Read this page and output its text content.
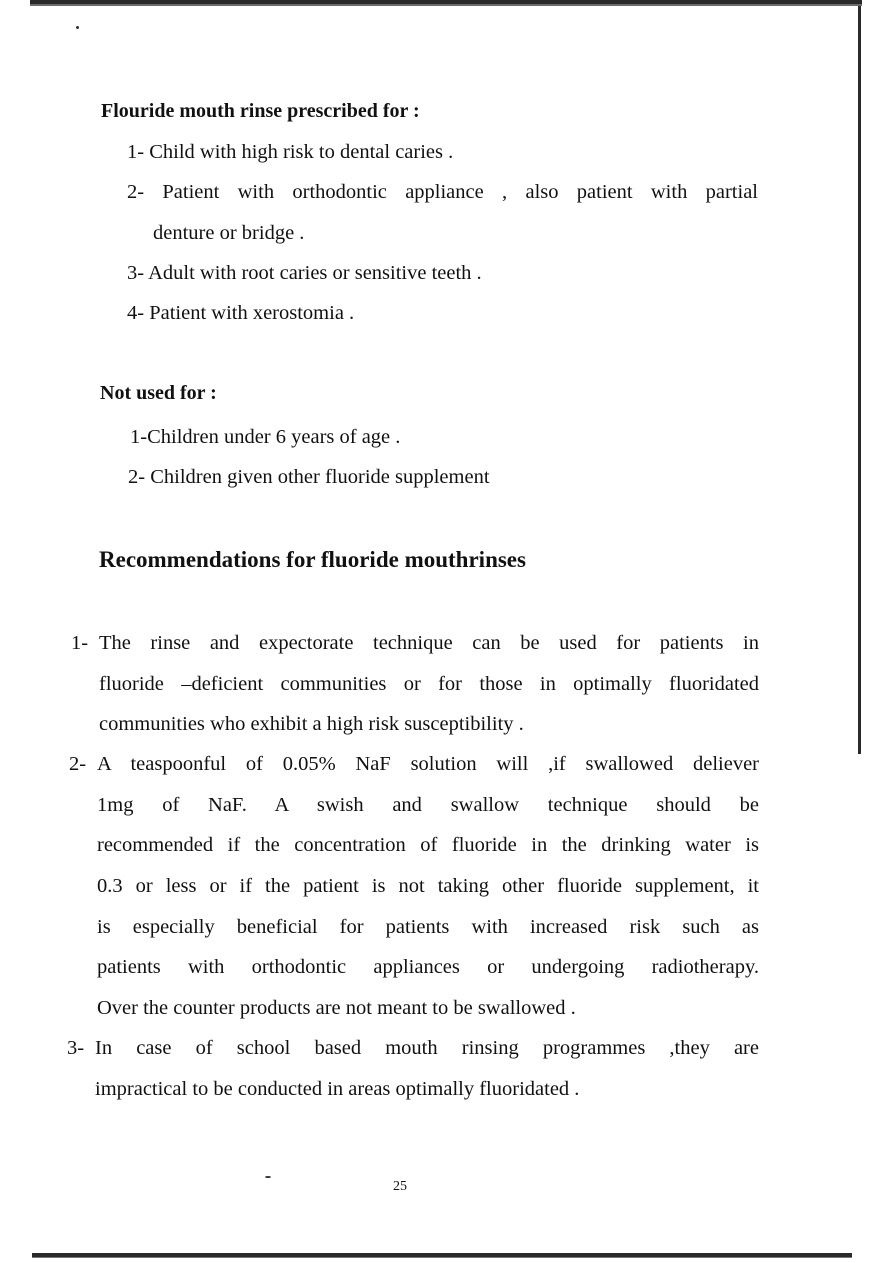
Flouride mouth rinse prescribed for :
1- Child with high risk to dental caries .
2- Patient with orthodontic appliance , also patient with partial
denture or bridge .
3- Adult with root caries or sensitive teeth .
4- Patient with xerostomia .
Not used for :
1-Children under 6 years of age .
2- Children given other fluoride supplement
Recommendations for fluoride mouthrinses
1- The rinse and expectorate technique can be used for patients in
fluoride –deficient communities or for those in optimally fluoridated
communities who exhibit a high risk susceptibility .
2- A teaspoonful of 0.05% NaF solution will ,if swallowed deliever
1mg of NaF. A swish and swallow technique should be
recommended if the concentration of fluoride in the drinking water is
0.3 or less or if the patient is not taking other fluoride supplement, it
is especially beneficial for patients with increased risk such as
patients with orthodontic appliances or undergoing radiotherapy.
Over the counter products are not meant to be swallowed .
3- In case of school based mouth rinsing programmes ,they are
impractical to be conducted in areas optimally fluoridated .
25
